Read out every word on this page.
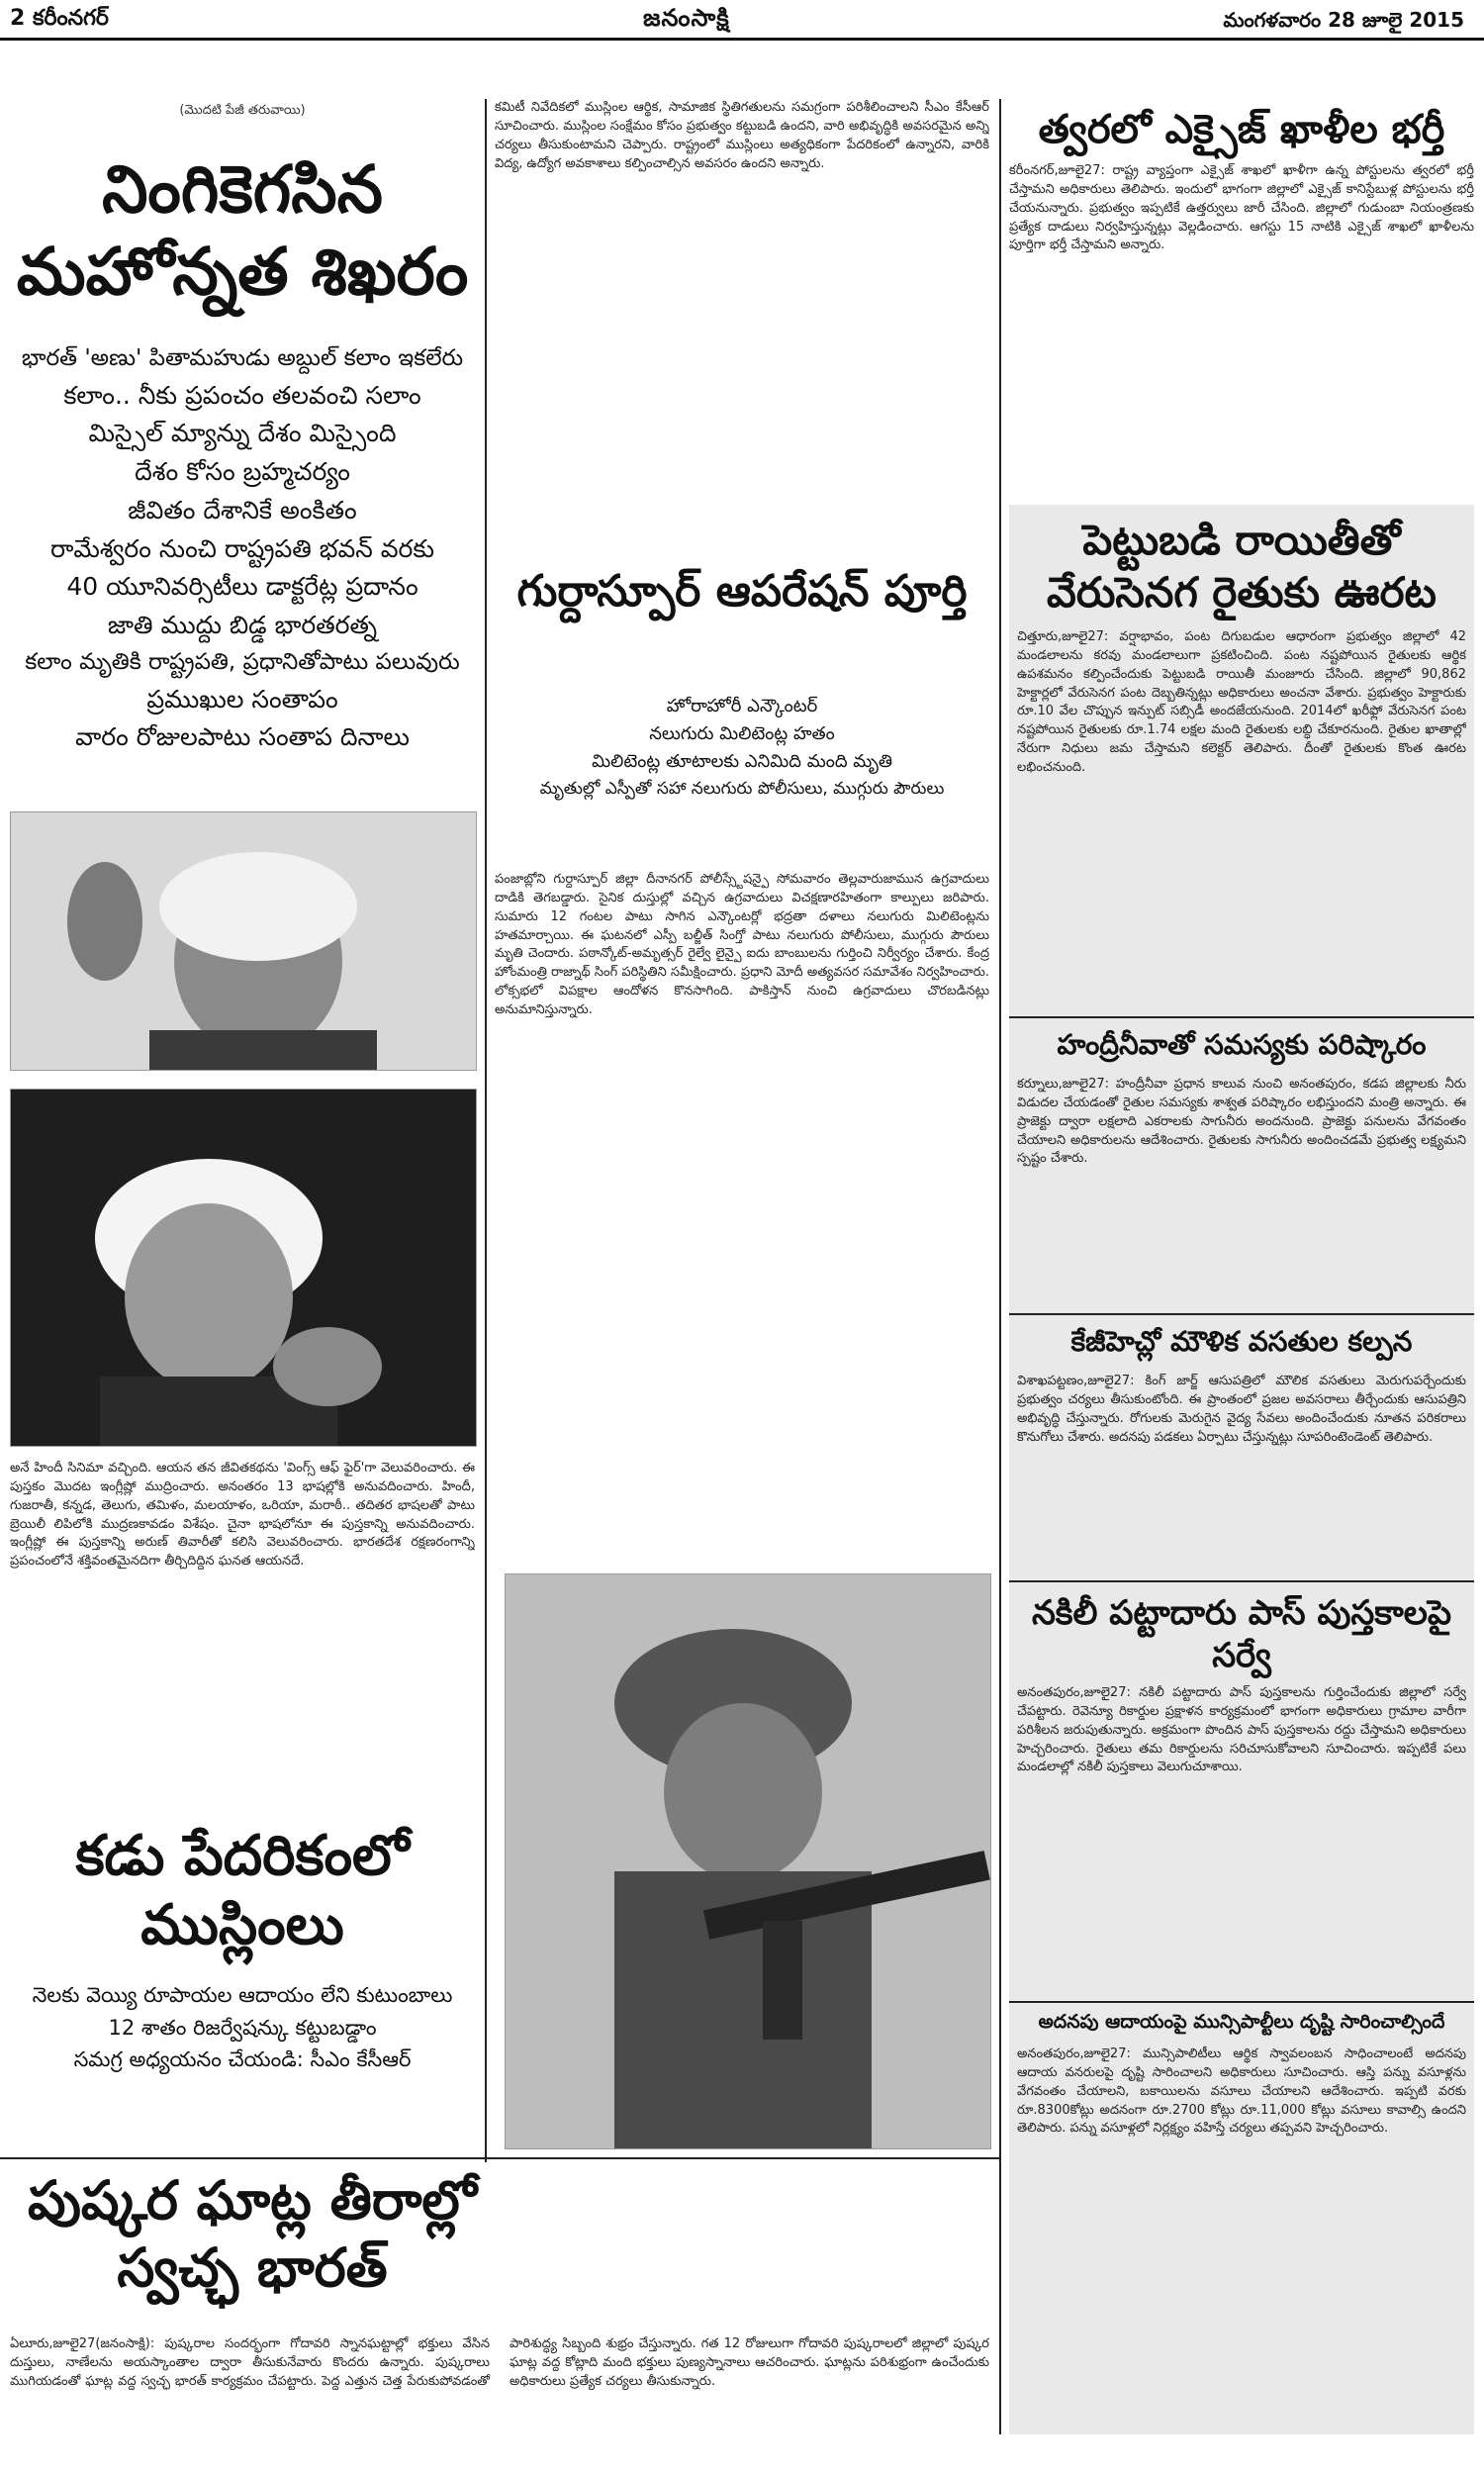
2 కరీంనగర్	జనంసాక్షి	మంగళవారం 28 జూలై 2015
(మొదటి పేజీ తరువాయి)
నింగికెగసిన మహోన్నత శిఖరం
భారత్ 'అణు' పితామహుడు అబ్దుల్ కలాం ఇకలేరు
కలాం.. నీకు ప్రపంచం తలవంచి సలాం
మిస్సైల్ మ్యాన్ను దేశం మిస్సైంది
దేశం కోసం బ్రహ్మచర్యం
జీవితం దేశానికే అంకితం
రామేశ్వరం నుంచి రాష్ట్రపతి భవన్ వరకు
40 యూనివర్సిటీలు డాక్టరేట్ల ప్రదానం
జాతి ముద్దు బిడ్డ భారతరత్న
కలాం మృతికి రాష్ట్రపతి, ప్రధానితోపాటు పలువురు
ప్రముఖుల సంతాపం
వారం రోజులపాటు సంతాప దినాలు
అనే హిందీ సినిమా వచ్చింది. ఆయన తన జీవితకథను 'వింగ్స్ ఆఫ్ ఫైర్'గా వెలువరించారు. ఈ పుస్తకం మొదట ఇంగ్లీష్లో ముద్రించారు. అనంతరం 13 భాషల్లోకి అనువదించారు. హిందీ, గుజరాతీ, కన్నడ, తెలుగు, తమిళం, మలయాళం, ఒరియా, మరాఠీ.. తదితర భాషలతో పాటు బ్రెయిలీ లిపిలోకి ముద్రణకావడం విశేషం. చైనా భాషలోనూ ఈ పుస్తకాన్ని అనువదించారు. ఇంగ్లీష్లో ఈ పుస్తకాన్ని అరుణ్ తివారీతో కలిసి వెలువరించారు. భారతదేశ రక్షణరంగాన్ని ప్రపంచంలోనే శక్తివంతమైనదిగా తీర్చిదిద్దిన ఘనత ఆయనదే.
కడు పేదరికంలో ముస్లింలు
నెలకు వెయ్యి రూపాయల ఆదాయం లేని కుటుంబాలు
12 శాతం రిజర్వేషన్కు కట్టుబడ్డాం
సమగ్ర అధ్యయనం చేయండి: సీఎం కేసీఆర్
కమిటీ నివేదికలో ముస్లింల ఆర్థిక, సామాజిక స్థితిగతులను సమగ్రంగా పరిశీలించాలని సీఎం కేసీఆర్ సూచించారు. ముస్లింల సంక్షేమం కోసం ప్రభుత్వం కట్టుబడి ఉందని, వారి అభివృద్ధికి అవసరమైన అన్ని చర్యలు తీసుకుంటామని చెప్పారు. రాష్ట్రంలో ముస్లింలు అత్యధికంగా పేదరికంలో ఉన్నారని, వారికి విద్య, ఉద్యోగ అవకాశాలు కల్పించాల్సిన అవసరం ఉందని అన్నారు.
గుర్దాస్పూర్ ఆపరేషన్ పూర్తి
హోరాహోరీ ఎన్కౌంటర్
నలుగురు మిలిటెంట్ల హతం
మిలిటెంట్ల తూటాలకు ఎనిమిది మంది మృతి
మృతుల్లో ఎస్పీతో సహా నలుగురు పోలీసులు, ముగ్గురు పౌరులు
పంజాబ్లోని గుర్దాస్పూర్ జిల్లా దీనానగర్ పోలీస్స్టేషన్పై సోమవారం తెల్లవారుజామున ఉగ్రవాదులు దాడికి తెగబడ్డారు. సైనిక దుస్తుల్లో వచ్చిన ఉగ్రవాదులు విచక్షణారహితంగా కాల్పులు జరిపారు. సుమారు 12 గంటల పాటు సాగిన ఎన్కౌంటర్లో భద్రతా దళాలు నలుగురు మిలిటెంట్లను హతమార్చాయి. ఈ ఘటనలో ఎస్పీ బల్జీత్ సింగ్తో పాటు నలుగురు పోలీసులు, ముగ్గురు పౌరులు మృతి చెందారు. పఠాన్కోట్-అమృత్సర్ రైల్వే లైన్పై ఐదు బాంబులను గుర్తించి నిర్వీర్యం చేశారు. కేంద్ర హోంమంత్రి రాజ్నాథ్ సింగ్ పరిస్థితిని సమీక్షించారు. ప్రధాని మోదీ అత్యవసర సమావేశం నిర్వహించారు. లోక్సభలో విపక్షాల ఆందోళన కొనసాగింది. పాకిస్తాన్ నుంచి ఉగ్రవాదులు చొరబడినట్లు అనుమానిస్తున్నారు.
పుష్కర ఘాట్ల తీరాల్లో స్వచ్ఛ భారత్
ఏలూరు,జూలై27(జనంసాక్షి): పుష్కరాల సందర్భంగా గోదావరి స్నానఘట్టాల్లో భక్తులు వేసిన దుస్తులు, నాణేలను అయస్కాంతాల ద్వారా తీసుకునేవారు కొందరు ఉన్నారు. పుష్కరాలు ముగియడంతో ఘాట్ల వద్ద స్వచ్ఛ భారత్ కార్యక్రమం చేపట్టారు. పెద్ద ఎత్తున చెత్త పేరుకుపోవడంతో పారిశుద్ధ్య సిబ్బంది శుభ్రం చేస్తున్నారు. గత 12 రోజులుగా గోదావరి పుష్కరాలలో జిల్లాలో పుష్కర ఘాట్ల వద్ద కోట్లాది మంది భక్తులు పుణ్యస్నానాలు ఆచరించారు. ఘాట్లను పరిశుభ్రంగా ఉంచేందుకు అధికారులు ప్రత్యేక చర్యలు తీసుకున్నారు.
త్వరలో ఎక్సైజ్ ఖాళీల భర్తీ
కరీంనగర్,జూలై27: రాష్ట్ర వ్యాప్తంగా ఎక్సైజ్ శాఖలో ఖాళీగా ఉన్న పోస్టులను త్వరలో భర్తీ చేస్తామని అధికారులు తెలిపారు. ఇందులో భాగంగా జిల్లాలో ఎక్సైజ్ కానిస్టేబుళ్ల పోస్టులను భర్తీ చేయనున్నారు. ప్రభుత్వం ఇప్పటికే ఉత్తర్వులు జారీ చేసింది. జిల్లాలో గుడుంబా నియంత్రణకు ప్రత్యేక దాడులు నిర్వహిస్తున్నట్లు వెల్లడించారు. ఆగస్టు 15 నాటికి ఎక్సైజ్ శాఖలో ఖాళీలను పూర్తిగా భర్తీ చేస్తామని అన్నారు.
పెట్టుబడి రాయితీతో వేరుసెనగ రైతుకు ఊరట
చిత్తూరు,జూలై27: వర్షాభావం, పంట దిగుబడుల ఆధారంగా ప్రభుత్వం జిల్లాలో 42 మండలాలను కరవు మండలాలుగా ప్రకటించింది. పంట నష్టపోయిన రైతులకు ఆర్థిక ఉపశమనం కల్పించేందుకు పెట్టుబడి రాయితీ మంజూరు చేసింది. జిల్లాలో 90,862 హెక్టార్లలో వేరుసెనగ పంట దెబ్బతిన్నట్లు అధికారులు అంచనా వేశారు. ప్రభుత్వం హెక్టారుకు రూ.10 వేల చొప్పున ఇన్పుట్ సబ్సిడీ అందజేయనుంది. 2014లో ఖరీఫ్లో వేరుసెనగ పంట నష్టపోయిన రైతులకు రూ.1.74 లక్షల మంది రైతులకు లబ్ధి చేకూరనుంది. రైతుల ఖాతాల్లో నేరుగా నిధులు జమ చేస్తామని కలెక్టర్ తెలిపారు. దీంతో రైతులకు కొంత ఊరట లభించనుంది.
హంద్రీనీవాతో సమస్యకు పరిష్కారం
కర్నూలు,జూలై27: హంద్రీనీవా ప్రధాన కాలువ నుంచి అనంతపురం, కడప జిల్లాలకు నీరు విడుదల చేయడంతో రైతుల సమస్యకు శాశ్వత పరిష్కారం లభిస్తుందని మంత్రి అన్నారు. ఈ ప్రాజెక్టు ద్వారా లక్షలాది ఎకరాలకు సాగునీరు అందనుంది. ప్రాజెక్టు పనులను వేగవంతం చేయాలని అధికారులను ఆదేశించారు. రైతులకు సాగునీరు అందించడమే ప్రభుత్వ లక్ష్యమని స్పష్టం చేశారు.
కేజీహెచ్లో మౌళిక వసతుల కల్పన
విశాఖపట్టణం,జూలై27: కింగ్ జార్జ్ ఆసుపత్రిలో మౌలిక వసతులు మెరుగుపర్చేందుకు ప్రభుత్వం చర్యలు తీసుకుంటోంది. ఈ ప్రాంతంలో ప్రజల అవసరాలు తీర్చేందుకు ఆసుపత్రిని అభివృద్ధి చేస్తున్నారు. రోగులకు మెరుగైన వైద్య సేవలు అందించేందుకు నూతన పరికరాలు కొనుగోలు చేశారు. అదనపు పడకలు ఏర్పాటు చేస్తున్నట్లు సూపరింటెండెంట్ తెలిపారు.
నకిలీ పట్టాదారు పాస్ పుస్తకాలపై సర్వే
అనంతపురం,జూలై27: నకిలీ పట్టాదారు పాస్ పుస్తకాలను గుర్తించేందుకు జిల్లాలో సర్వే చేపట్టారు. రెవెన్యూ రికార్డుల ప్రక్షాళన కార్యక్రమంలో భాగంగా అధికారులు గ్రామాల వారీగా పరిశీలన జరుపుతున్నారు. అక్రమంగా పొందిన పాస్ పుస్తకాలను రద్దు చేస్తామని అధికారులు హెచ్చరించారు. రైతులు తమ రికార్డులను సరిచూసుకోవాలని సూచించారు. ఇప్పటికే పలు మండలాల్లో నకిలీ పుస్తకాలు వెలుగుచూశాయి.
అదనపు ఆదాయంపై మున్సిపాల్టీలు దృష్టి సారించాల్సిందే
అనంతపురం,జూలై27: మున్సిపాలిటీలు ఆర్థిక స్వావలంబన సాధించాలంటే అదనపు ఆదాయ వనరులపై దృష్టి సారించాలని అధికారులు సూచించారు. ఆస్తి పన్ను వసూళ్లను వేగవంతం చేయాలని, బకాయిలను వసూలు చేయాలని ఆదేశించారు. ఇప్పటి వరకు రూ.8300కోట్లు అదనంగా రూ.2700 కోట్లు రూ.11,000 కోట్లు వసూలు కావాల్సి ఉందని తెలిపారు. పన్ను వసూళ్లలో నిర్లక్ష్యం వహిస్తే చర్యలు తప్పవని హెచ్చరించారు.
